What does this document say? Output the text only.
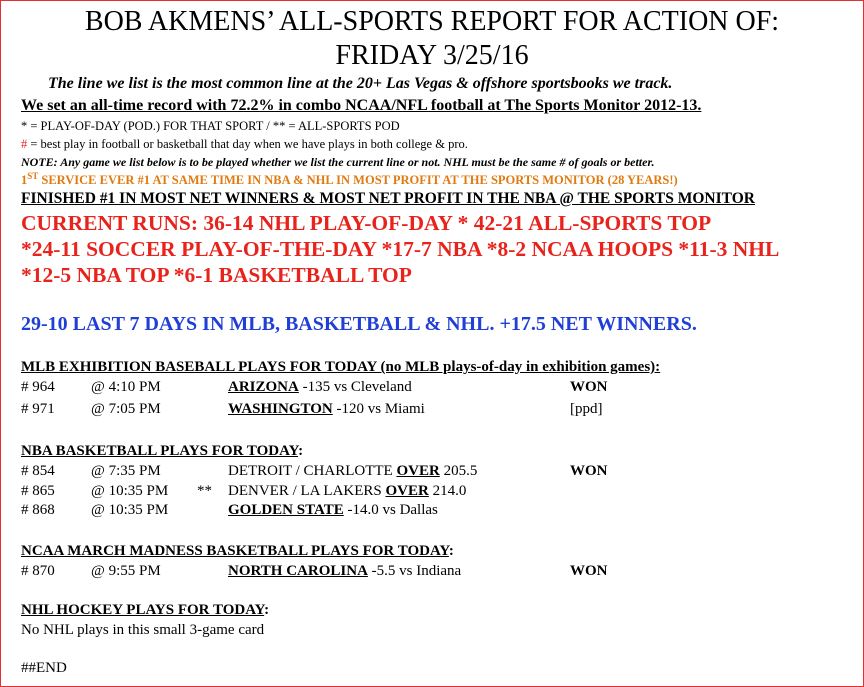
BOB AKMENS’ ALL-SPORTS REPORT FOR ACTION OF:
FRIDAY 3/25/16
The line we list is the most common line at the 20+ Las Vegas & offshore sportsbooks we track.
We set an all-time record with 72.2% in combo NCAA/NFL football at The Sports Monitor 2012-13.
* = PLAY-OF-DAY (POD.) FOR THAT SPORT / ** = ALL-SPORTS POD
# = best play in football or basketball that day when we have plays in both college & pro.
NOTE: Any game we list below is to be played whether we list the current line or not. NHL must be the same # of goals or better.
1ST SERVICE EVER #1 AT SAME TIME IN NBA & NHL IN MOST PROFIT AT THE SPORTS MONITOR (28 YEARS!)
FINISHED #1 IN MOST NET WINNERS & MOST NET PROFIT IN THE NBA @ THE SPORTS MONITOR
CURRENT RUNS: 36-14 NHL PLAY-OF-DAY * 42-21 ALL-SPORTS TOP
*24-11 SOCCER PLAY-OF-THE-DAY *17-7 NBA *8-2 NCAA HOOPS *11-3 NHL
*12-5 NBA TOP *6-1 BASKETBALL TOP
29-10 LAST 7 DAYS IN MLB, BASKETBALL & NHL. +17.5 NET WINNERS.
MLB EXHIBITION BASEBALL PLAYS FOR TODAY (no MLB plays-of-day in exhibition games):
# 964 @ 4:10 PM	ARIZONA -135 vs Cleveland	WON
# 971 @ 7:05 PM	WASHINGTON -120 vs Miami	[ppd]
NBA BASKETBALL PLAYS FOR TODAY:
# 854 @ 7:35 PM	DETROIT / CHARLOTTE OVER 205.5	WON
# 865 @ 10:35 PM ** DENVER / LA LAKERS OVER 214.0
# 868 @ 10:35 PM	GOLDEN STATE -14.0 vs Dallas
NCAA MARCH MADNESS BASKETBALL PLAYS FOR TODAY:
# 870 @ 9:55 PM	NORTH CAROLINA -5.5 vs Indiana	WON
NHL HOCKEY PLAYS FOR TODAY:
No NHL plays in this small 3-game card
##END
